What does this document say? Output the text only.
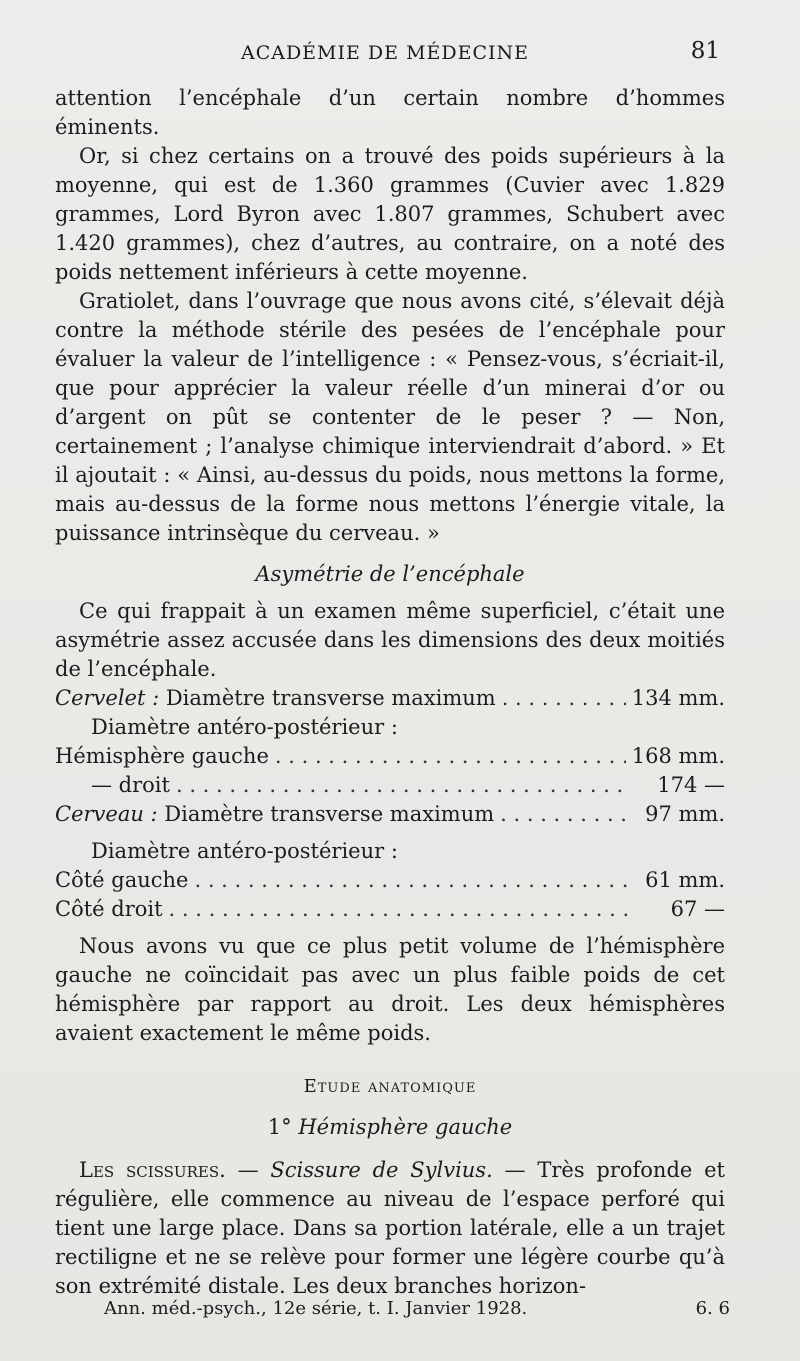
ACADÉMIE DE MÉDECINE	81

attention l’encéphale d’un certain nombre d’hommes éminents.

Or, si chez certains on a trouvé des poids supérieurs à la moyenne, qui est de 1.360 grammes (Cuvier avec 1.829 grammes, Lord Byron avec 1.807 grammes, Schubert avec 1.420 grammes), chez d’autres, au contraire, on a noté des poids nettement inférieurs à cette moyenne.

Gratiolet, dans l’ouvrage que nous avons cité, s’élevait déjà contre la méthode stérile des pesées de l’encéphale pour évaluer la valeur de l’intelligence : « Pensez-vous, s’écriait-il, que pour apprécier la valeur réelle d’un minerai d’or ou d’argent on pût se contenter de le peser ? — Non, certainement ; l’analyse chimique interviendrait d’abord. » Et il ajoutait : « Ainsi, au-dessus du poids, nous mettons la forme, mais au-dessus de la forme nous mettons l’énergie vitale, la puissance intrinsèque du cerveau. »

Asymétrie de l’encéphale

Ce qui frappait à un examen même superficiel, c’était une asymétrie assez accusée dans les dimensions des deux moitiés de l’encéphale.

Cervelet : Diamètre transverse maximum . . .	134 mm.
Diamètre antéro-postérieur :
Hémisphère gauche . . .	168 mm.
— droit . . .	174 —
Cerveau : Diamètre transverse maximum . . .	97 mm.
Diamètre antéro-postérieur :
Côté gauche . . .	61 mm.
Côté droit . . .	67 —

Nous avons vu que ce plus petit volume de l’hémisphère gauche ne coïncidait pas avec un plus faible poids de cet hémisphère par rapport au droit. Les deux hémisphères avaient exactement le même poids.

Etude anatomique

1° Hémisphère gauche

Les scissures. — Scissure de Sylvius. — Très profonde et régulière, elle commence au niveau de l’espace perforé qui tient une large place. Dans sa portion latérale, elle a un trajet rectiligne et ne se relève pour former une légère courbe qu’à son extrémité distale. Les deux branches horizon-

Ann. méd.-psych., 12e série, t. I. Janvier 1928.	6. 6
